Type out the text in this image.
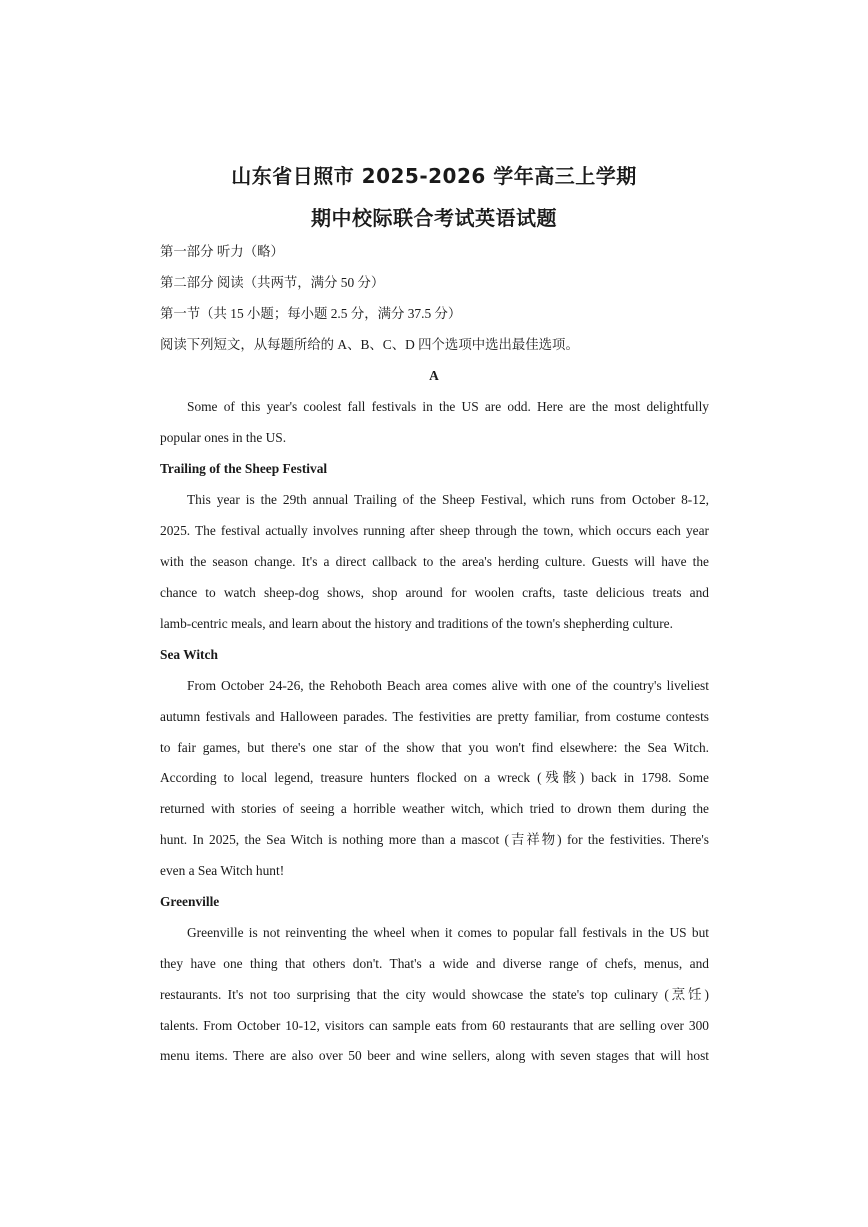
山东省日照市 2025-2026 学年高三上学期
期中校际联合考试英语试题
第一部分 听力（略）
第二部分 阅读（共两节，满分 50 分）
第一节（共 15 小题；每小题 2.5 分，满分 37.5 分）
阅读下列短文，从每题所给的 A、B、C、D 四个选项中选出最佳选项。
A
Some of this year's coolest fall festivals in the US are odd. Here are the most delightfully
popular ones in the US.
Trailing of the Sheep Festival
This year is the 29th annual Trailing of the Sheep Festival, which runs from October 8-12,
2025. The festival actually involves running after sheep through the town, which occurs each year
with the season change. It's a direct callback to the area's herding culture. Guests will have the
chance to watch sheep-dog shows, shop around for woolen crafts, taste delicious treats and
lamb-centric meals, and learn about the history and traditions of the town's shepherding culture.
Sea Witch
From October 24-26, the Rehoboth Beach area comes alive with one of the country's liveliest
autumn festivals and Halloween parades. The festivities are pretty familiar, from costume contests
to fair games, but there's one star of the show that you won't find elsewhere: the Sea Witch.
According to local legend, treasure hunters flocked on a wreck (残骸) back in 1798. Some
returned with stories of seeing a horrible weather witch, which tried to drown them during the
hunt. In 2025, the Sea Witch is nothing more than a mascot (吉祥物) for the festivities. There's
even a Sea Witch hunt!
Greenville
Greenville is not reinventing the wheel when it comes to popular fall festivals in the US but
they have one thing that others don't. That's a wide and diverse range of chefs, menus, and
restaurants. It's not too surprising that the city would showcase the state's top culinary (烹饪)
talents. From October 10-12, visitors can sample eats from 60 restaurants that are selling over 300
menu items. There are also over 50 beer and wine sellers, along with seven stages that will host
